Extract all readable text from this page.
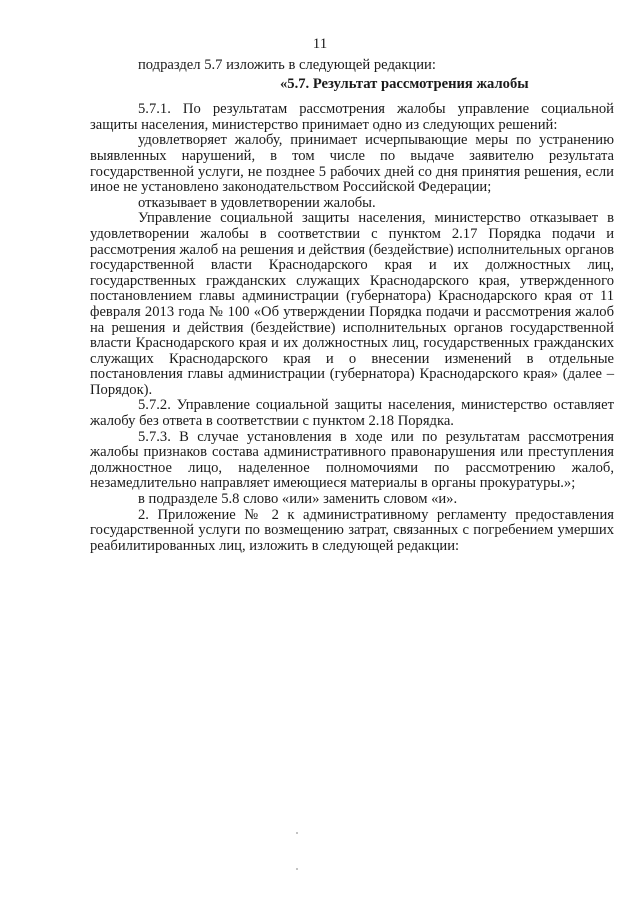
11

подраздел 5.7 изложить в следующей редакции:

«5.7. Результат рассмотрения жалобы

5.7.1. По результатам рассмотрения жалобы управление социальной защиты населения, министерство принимает одно из следующих решений:

удовлетворяет жалобу, принимает исчерпывающие меры по устранению выявленных нарушений, в том числе по выдаче заявителю результата государственной услуги, не позднее 5 рабочих дней со дня принятия решения, если иное не установлено законодательством Российской Федерации;

отказывает в удовлетворении жалобы.

Управление социальной защиты населения, министерство отказывает в удовлетворении жалобы в соответствии с пунктом 2.17 Порядка подачи и рассмотрения жалоб на решения и действия (бездействие) исполнительных органов государственной власти Краснодарского края и их должностных лиц, государственных гражданских служащих Краснодарского края, утвержденного постановлением главы администрации (губернатора) Краснодарского края от 11 февраля 2013 года № 100 «Об утверждении Порядка подачи и рассмотрения жалоб на решения и действия (бездействие) исполнительных органов государственной власти Краснодарского края и их должностных лиц, государственных гражданских служащих Краснодарского края и о внесении изменений в отдельные постановления главы администрации (губернатора) Краснодарского края» (далее – Порядок).

5.7.2. Управление социальной защиты населения, министерство оставляет жалобу без ответа в соответствии с пунктом 2.18 Порядка.

5.7.3. В случае установления в ходе или по результатам рассмотрения жалобы признаков состава административного правонарушения или преступления должностное лицо, наделенное полномочиями по рассмотрению жалоб, незамедлительно направляет имеющиеся материалы в органы прокуратуры.»;

в подразделе 5.8 слово «или» заменить словом «и».

2. Приложение № 2 к административному регламенту предоставления государственной услуги по возмещению затрат, связанных с погребением умерших реабилитированных лиц, изложить в следующей редакции:
